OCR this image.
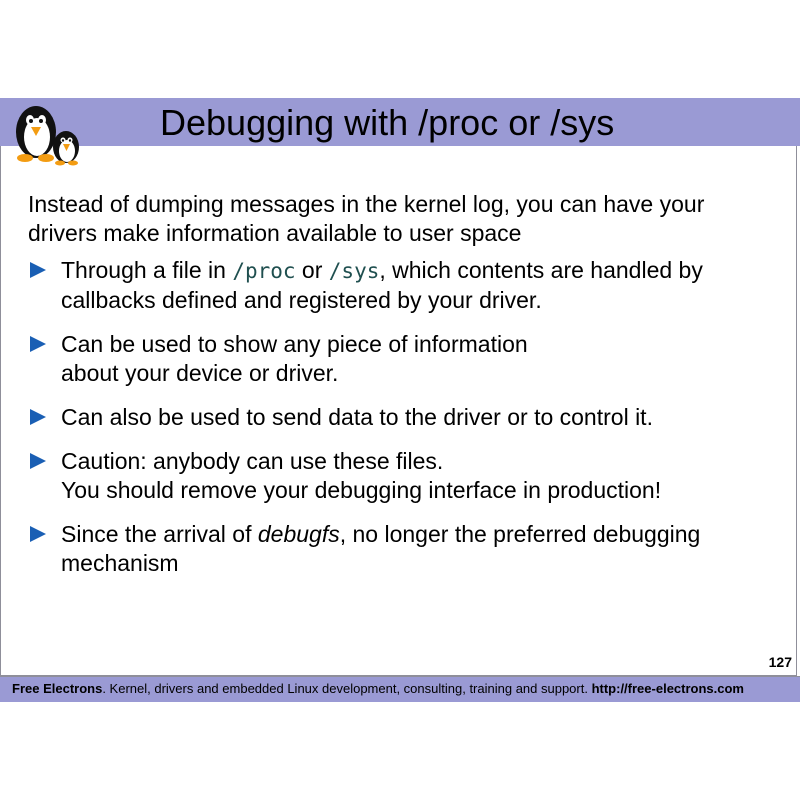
Debugging with /proc or /sys

Instead of dumping messages in the kernel log, you can have your drivers make information available to user space

Through a file in /proc or /sys, which contents are handled by callbacks defined and registered by your driver.
Can be used to show any piece of information
about your device or driver.
Can also be used to send data to the driver or to control it.
Caution: anybody can use these files.
You should remove your debugging interface in production!
Since the arrival of debugfs, no longer the preferred debugging mechanism
127
Free Electrons. Kernel, drivers and embedded Linux development, consulting, training and support. http://free-electrons.com
